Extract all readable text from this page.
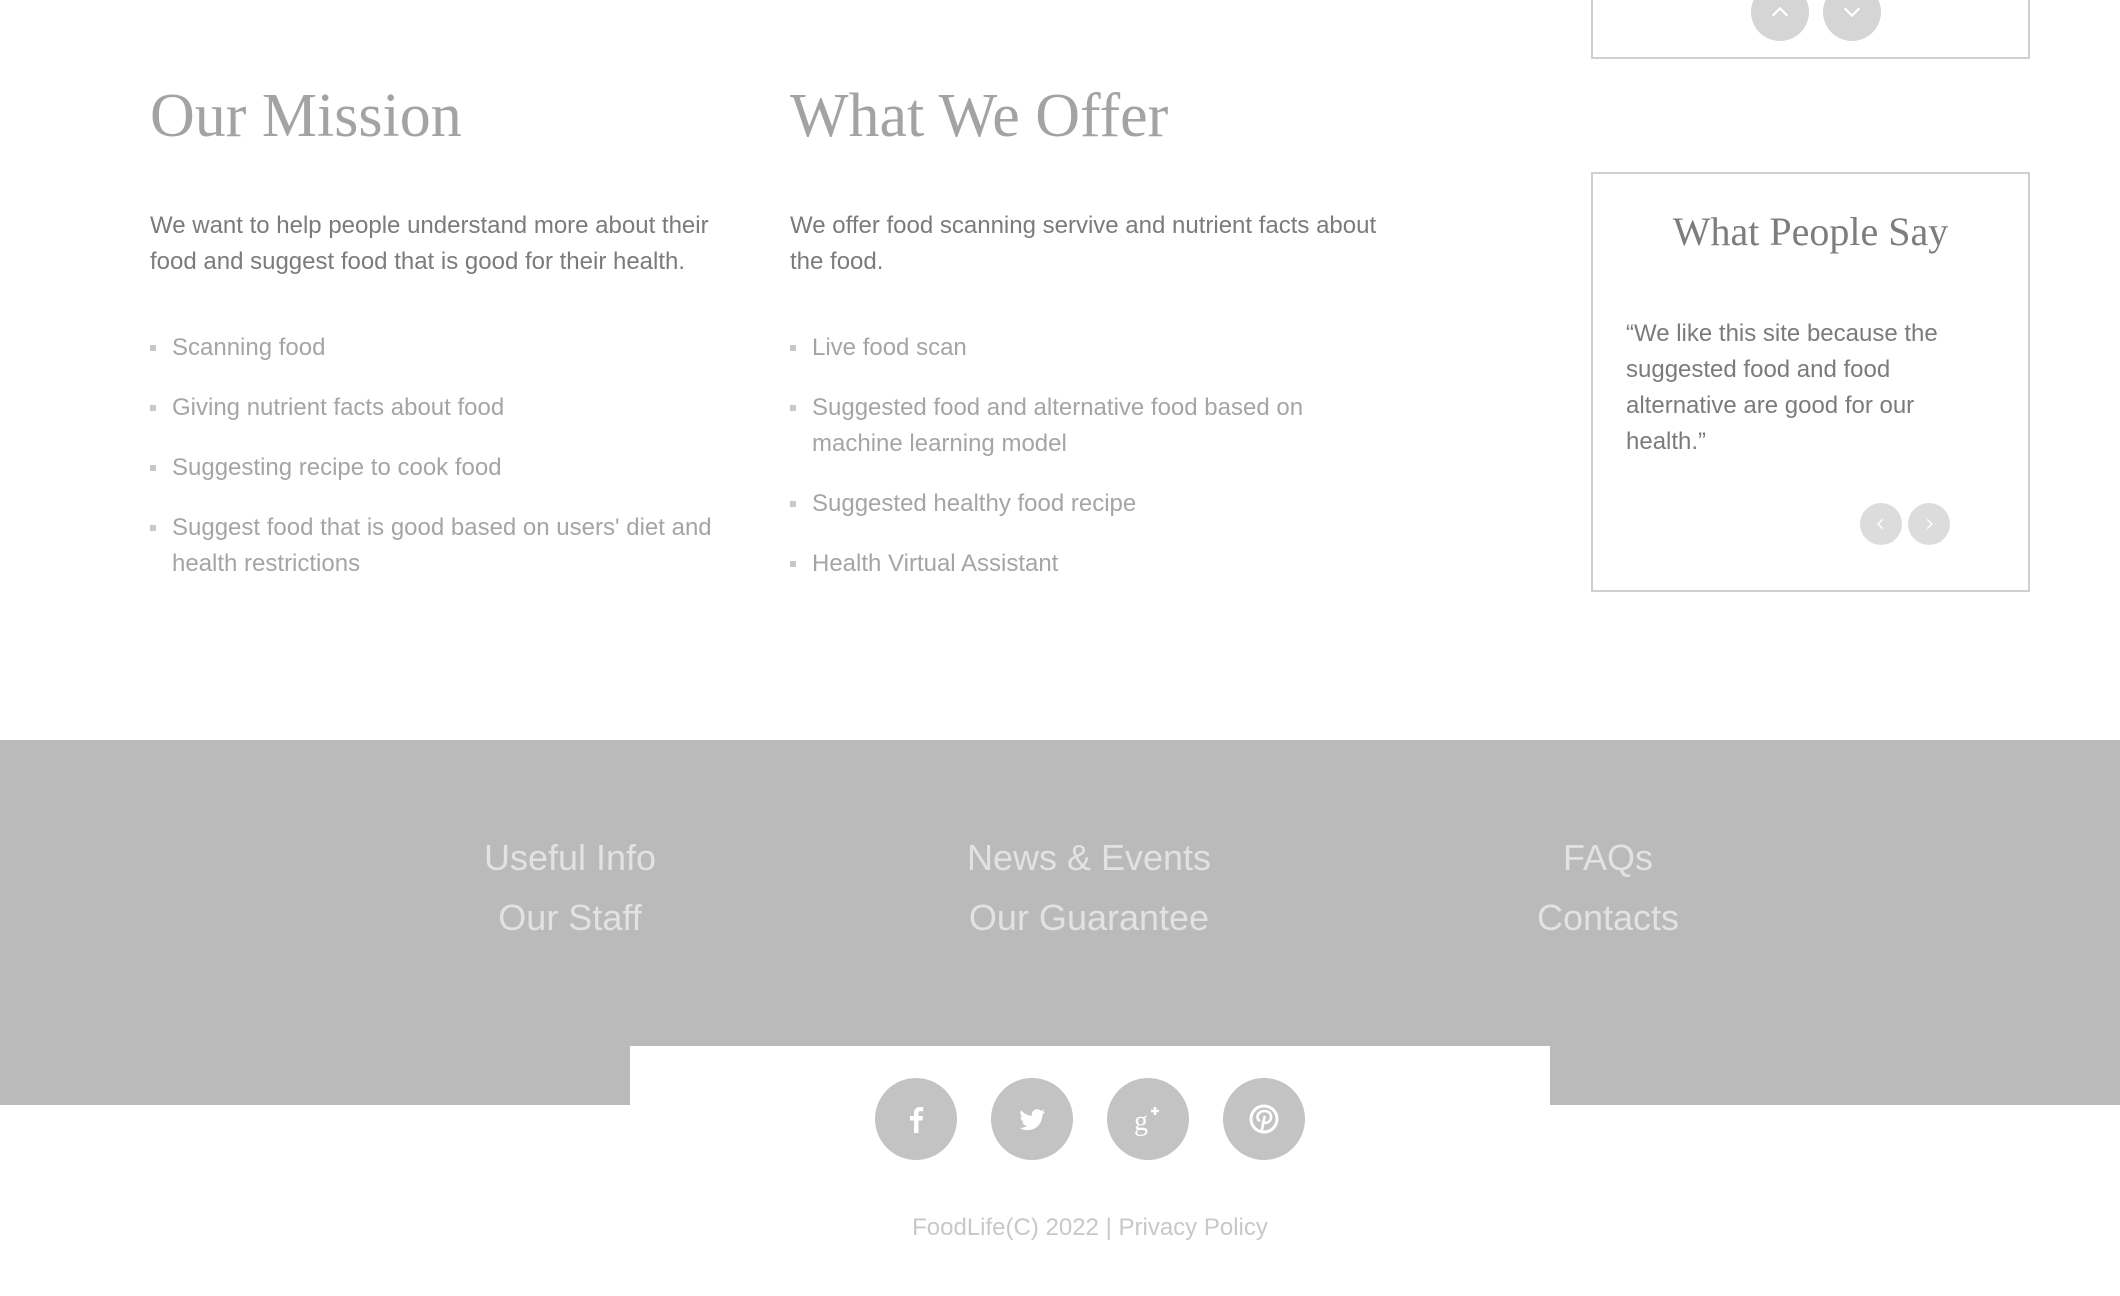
Our Mission

We want to help people understand more about their food and suggest food that is good for their health.

Scanning food
Giving nutrient facts about food
Suggesting recipe to cook food
Suggest food that is good based on users' diet and health restrictions
What We Offer

We offer food scanning servive and nutrient facts about the food.

Live food scan
Suggested food and alternative food based on machine learning model
Suggested healthy food recipe
Health Virtual Assistant
What People Say

“We like this site because the suggested food and food alternative are good for our health.”

Useful Info
Our Staff
News & Events
Our Guarantee
FAQs
Contacts
g
FoodLife(C) 2022 | Privacy Policy
